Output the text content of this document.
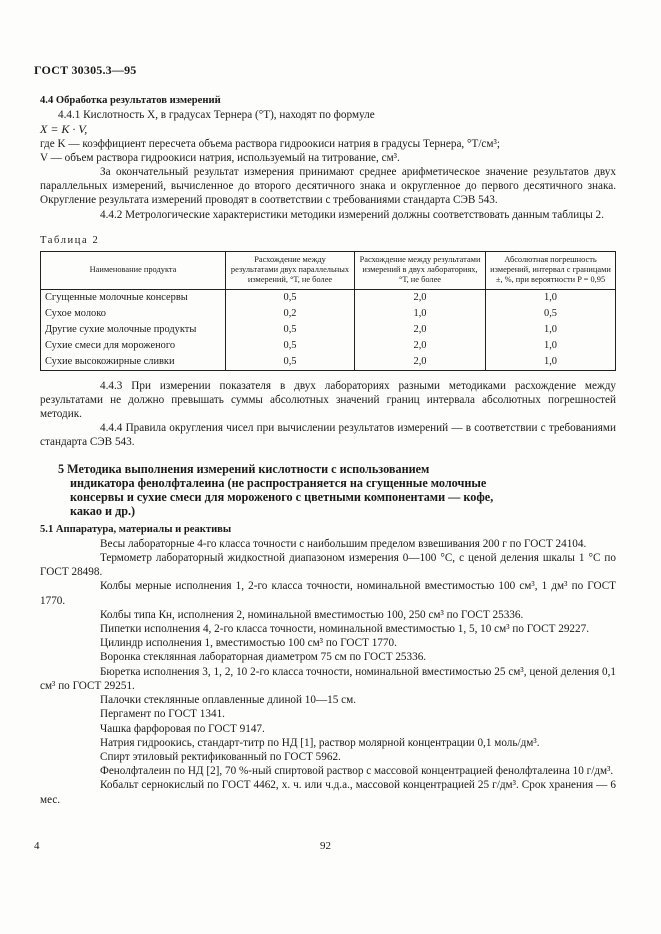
ГОСТ 30305.3—95

4.4 Обработка результатов измерений

4.4.1 Кислотность X, в градусах Тернера (°Т), находят по формуле

X = K · V,

где K — коэффициент пересчета объема раствора гидроокиси натрия в градусы Тернера, °Т/см³;

V — объем раствора гидроокиси натрия, используемый на титрование, см³.

За окончательный результат измерения принимают среднее арифметическое значение результатов двух параллельных измерений, вычисленное до второго десятичного знака и округленное до первого десятичного знака. Округление результата измерений проводят в соответствии с требованиями стандарта СЭВ 543.

4.4.2 Метрологические характеристики методики измерений должны соответствовать данным таблицы 2.

Таблица 2
Наименование продукта	Расхождение между результатами двух параллельных измерений, °Т, не более	Расхождение между результатами измерений в двух лабораториях, °Т, не более	Абсолютная погрешность измерений, интервал с границами ±, %, при вероятности P = 0,95
Сгущенные молочные консервы	0,5	2,0	1,0
Сухое молоко	0,2	1,0	0,5
Другие сухие молочные продукты	0,5	2,0	1,0
Сухие смеси для мороженого	0,5	2,0	1,0
Сухие высокожирные сливки	0,5	2,0	1,0

4.4.3 При измерении показателя в двух лабораториях разными методиками расхождение между результатами не должно превышать суммы абсолютных значений границ интервала абсолютных погрешностей методик.

4.4.4 Правила округления чисел при вычислении результатов измерений — в соответствии с требованиями стандарта СЭВ 543.

5 Методика выполнения измерений кислотности с использованием
индикатора фенолфталеина (не распространяется на сгущенные молочные
консервы и сухие смеси для мороженого с цветными компонентами — кофе,
какао и др.)

5.1 Аппаратура, материалы и реактивы

Весы лабораторные 4-го класса точности с наибольшим пределом взвешивания 200 г по ГОСТ 24104.

Термометр лабораторный жидкостной диапазоном измерения 0—100 °С, с ценой деления шкалы 1 °С по ГОСТ 28498.

Колбы мерные исполнения 1, 2-го класса точности, номинальной вместимостью 100 см³, 1 дм³ по ГОСТ 1770.

Колбы типа Кн, исполнения 2, номинальной вместимостью 100, 250 см³ по ГОСТ 25336.

Пипетки исполнения 4, 2-го класса точности, номинальной вместимостью 1, 5, 10 см³ по ГОСТ 29227.

Цилиндр исполнения 1, вместимостью 100 см³ по ГОСТ 1770.

Воронка стеклянная лабораторная диаметром 75 см по ГОСТ 25336.

Бюретка исполнения 3, 1, 2, 10 2-го класса точности, номинальной вместимостью 25 см³, ценой деления 0,1 см³ по ГОСТ 29251.

Палочки стеклянные оплавленные длиной 10—15 см.

Пергамент по ГОСТ 1341.

Чашка фарфоровая по ГОСТ 9147.

Натрия гидроокись, стандарт-титр по НД [1], раствор молярной концентрации 0,1 моль/дм³.

Спирт этиловый ректификованный по ГОСТ 5962.

Фенолфталеин по НД [2], 70 %-ный спиртовой раствор с массовой концентрацией фенолфталеина 10 г/дм³.

Кобальт сернокислый по ГОСТ 4462, х. ч. или ч.д.а., массовой концентрацией 25 г/дм³. Срок хранения — 6 мес.

4	92
